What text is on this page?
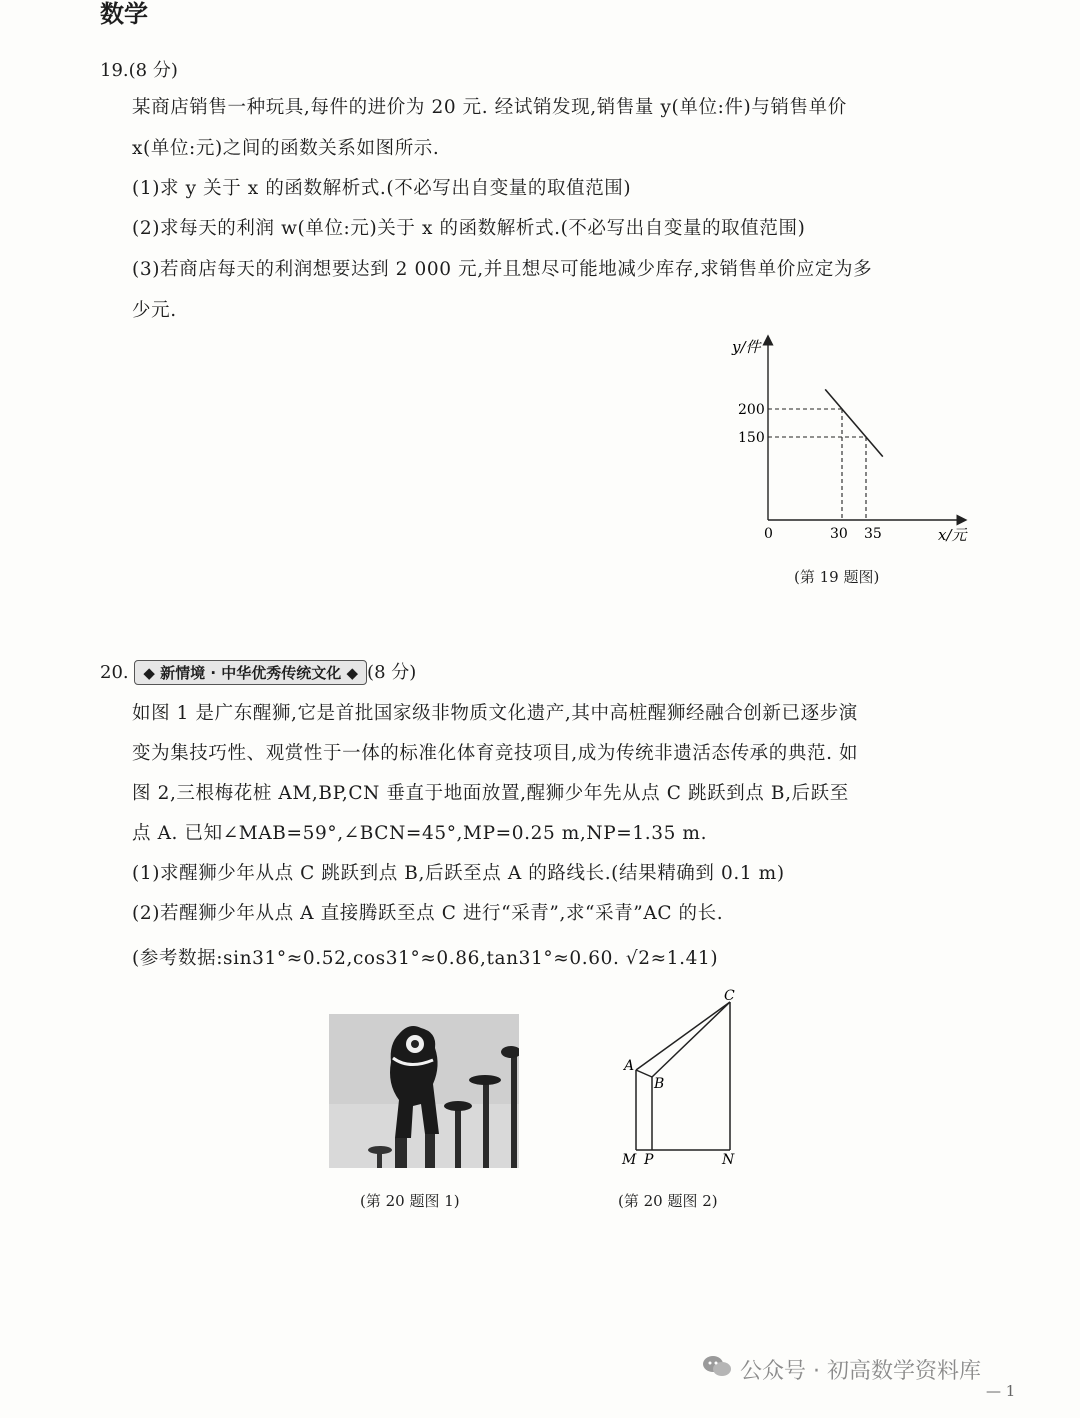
数学
19.(8 分)
某商店销售一种玩具,每件的进价为 20 元. 经试销发现,销售量 y(单位:件)与销售单价
x(单位:元)之间的函数关系如图所示.
(1)求 y 关于 x 的函数解析式.(不必写出自变量的取值范围)
(2)求每天的利润 w(单位:元)关于 x 的函数解析式.(不必写出自变量的取值范围)
(3)若商店每天的利润想要达到 2 000 元,并且想尽可能地减少库存,求销售单价应定为多
少元.
y/件
x/元
0
200
150
30 35
(第 19 题图)
20. ◆ 新情境 · 中华优秀传统文化 ◆ (8 分)
如图 1 是广东醒狮,它是首批国家级非物质文化遗产,其中高桩醒狮经融合创新已逐步演
变为集技巧性、观赏性于一体的标准化体育竞技项目,成为传统非遗活态传承的典范. 如
图 2,三根梅花桩 AM,BP,CN 垂直于地面放置,醒狮少年先从点 C 跳跃到点 B,后跃至
点 A. 已知∠MAB=59°,∠BCN=45°,MP=0.25 m,NP=1.35 m.
(1)求醒狮少年从点 C 跳跃到点 B,后跃至点 A 的路线长.(结果精确到 0.1 m)
(2)若醒狮少年从点 A 直接腾跃至点 C 进行“采青”,求“采青”AC 的长.
(参考数据:sin31°≈0.52,cos31°≈0.86,tan31°≈0.60. √2≈1.41)
(第 20 题图 1)
C
A
B
M P	N
(第 20 题图 2)
公众号 · 初高数学资料库
— 1
